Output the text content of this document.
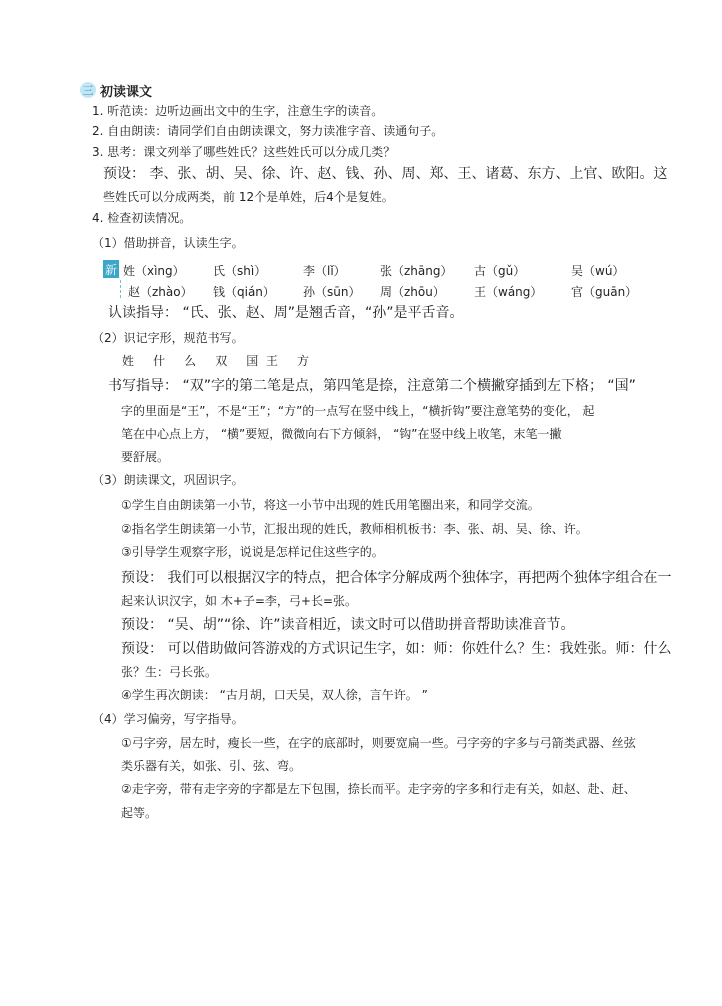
三 初读课文
1. 听范读：边听边画出文中的生字，注意生字的读音。
2. 自由朗读：请同学们自由朗读课文，努力读准字音、读通句子。
3. 思考：课文列举了哪些姓氏？这些姓氏可以分成几类？
预设： 李、张、胡、吴、徐、许、赵、钱、孙、周、郑、王、诸葛、东方、上官、欧阳。这
些姓氏可以分成两类，前 12个是单姓，后4个是复姓。
4. 检查初读情况。
（1）借助拼音，认读生字。
新 姓（xìng） 氏（shì）	李（lǐ）	张（zhāng） 古（gǔ）	吴（wú）
赵（zhào） 钱（qián） 孙（sūn） 周（zhōu） 王（wáng） 官（guān）
认读指导： “氏、张、赵、周”是翘舌音，“孙”是平舌音。
（2）识记字形，规范书写。
姓     什     么     双     国  王     方
书写指导： “双”字的第二笔是点，第四笔是捺，注意第二个横撇穿插到左下格； “国”
字的里面是“王”，不是“王”；“方”的一点写在竖中线上，“横折钩”要注意笔势的变化， 起
笔在中心点上方， “横”要短，微微向右下方倾斜， “钩”在竖中线上收笔，末笔一撇
要舒展。
（3）朗读课文，巩固识字。
①学生自由朗读第一小节，将这一小节中出现的姓氏用笔圈出来，和同学交流。
②指名学生朗读第一小节，汇报出现的姓氏，教师相机板书：李、张、胡、吴、徐、许。
③引导学生观察字形，说说是怎样记住这些字的。
预设： 我们可以根据汉字的特点，把合体字分解成两个独体字，再把两个独体字组合在一
起来认识汉字，如 木+子=李，弓+长=张。
预设： “吴、胡”“徐、许”读音相近，读文时可以借助拼音帮助读准音节。
预设： 可以借助做问答游戏的方式识记生字，如：师：你姓什么？生：我姓张。师：什么
张？生：弓长张。
④学生再次朗读： “古月胡，口天吴，双人徐，言午许。 ”
（4）学习偏旁，写字指导。
①弓字旁，居左时，瘦长一些，在字的底部时，则要宽扁一些。弓字旁的字多与弓箭类武器、丝弦
类乐器有关，如张、引、弦、弯。
②走字旁，带有走字旁的字都是左下包围，捺长而平。走字旁的字多和行走有关，如赵、赴、赶、
起等。
